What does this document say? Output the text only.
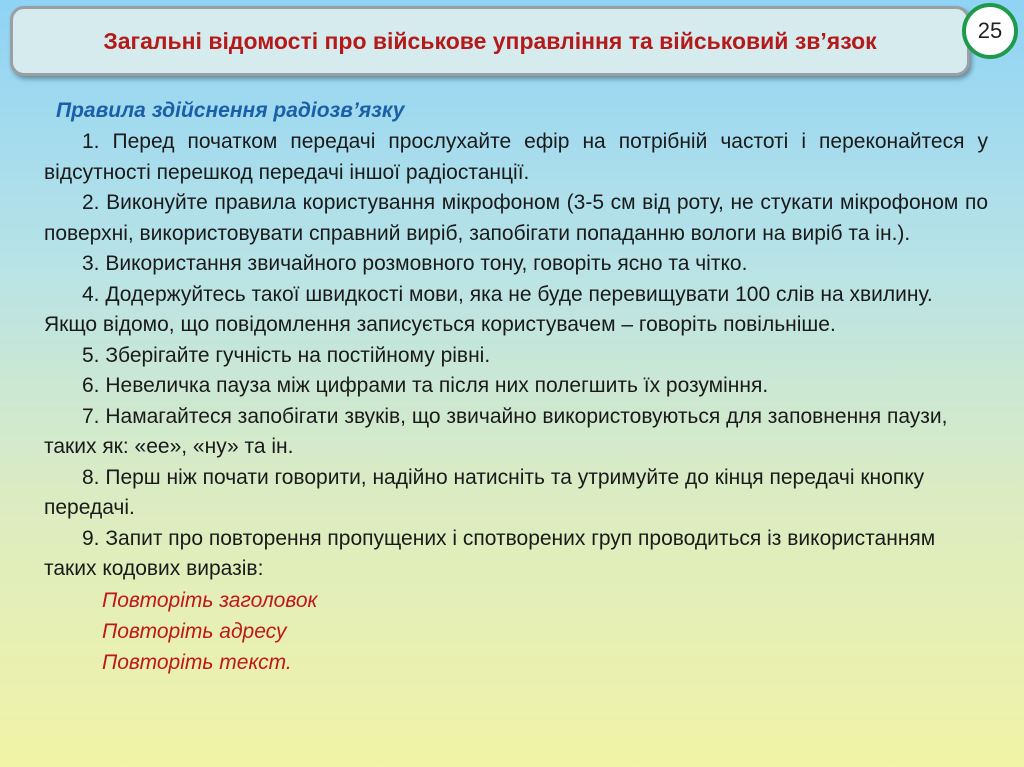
Загальні відомості про військове управління та військовий зв’язок	25

Правила здійснення радіозв’язку

1. Перед початком передачі прослухайте ефір на потрібній частоті і переконайтеся у відсутності перешкод передачі іншої радіостанції.

2. Виконуйте правила користування мікрофоном (3-5 см від роту, не стукати мікрофоном по поверхні, використовувати справний виріб, запобігати попаданню вологи на виріб та ін.).

3. Використання звичайного розмовного тону, говоріть ясно та чітко.

4. Додержуйтесь такої швидкості мови, яка не буде перевищувати 100 слів на хвилину. Якщо відомо, що повідомлення записується користувачем – говоріть повільніше.

5. Зберігайте гучність на постійному рівні.

6. Невеличка пауза між цифрами та після них полегшить їх розуміння.

7. Намагайтеся запобігати звуків, що звичайно використовуються для заповнення паузи, таких як: «ее», «ну» та ін.

8. Перш ніж почати говорити, надійно натисніть та утримуйте до кінця передачі кнопку передачі.

9. Запит про повторення пропущених і спотворених груп проводиться із використанням таких кодових виразів:

Повторіть заголовок

Повторіть адресу

Повторіть текст.
